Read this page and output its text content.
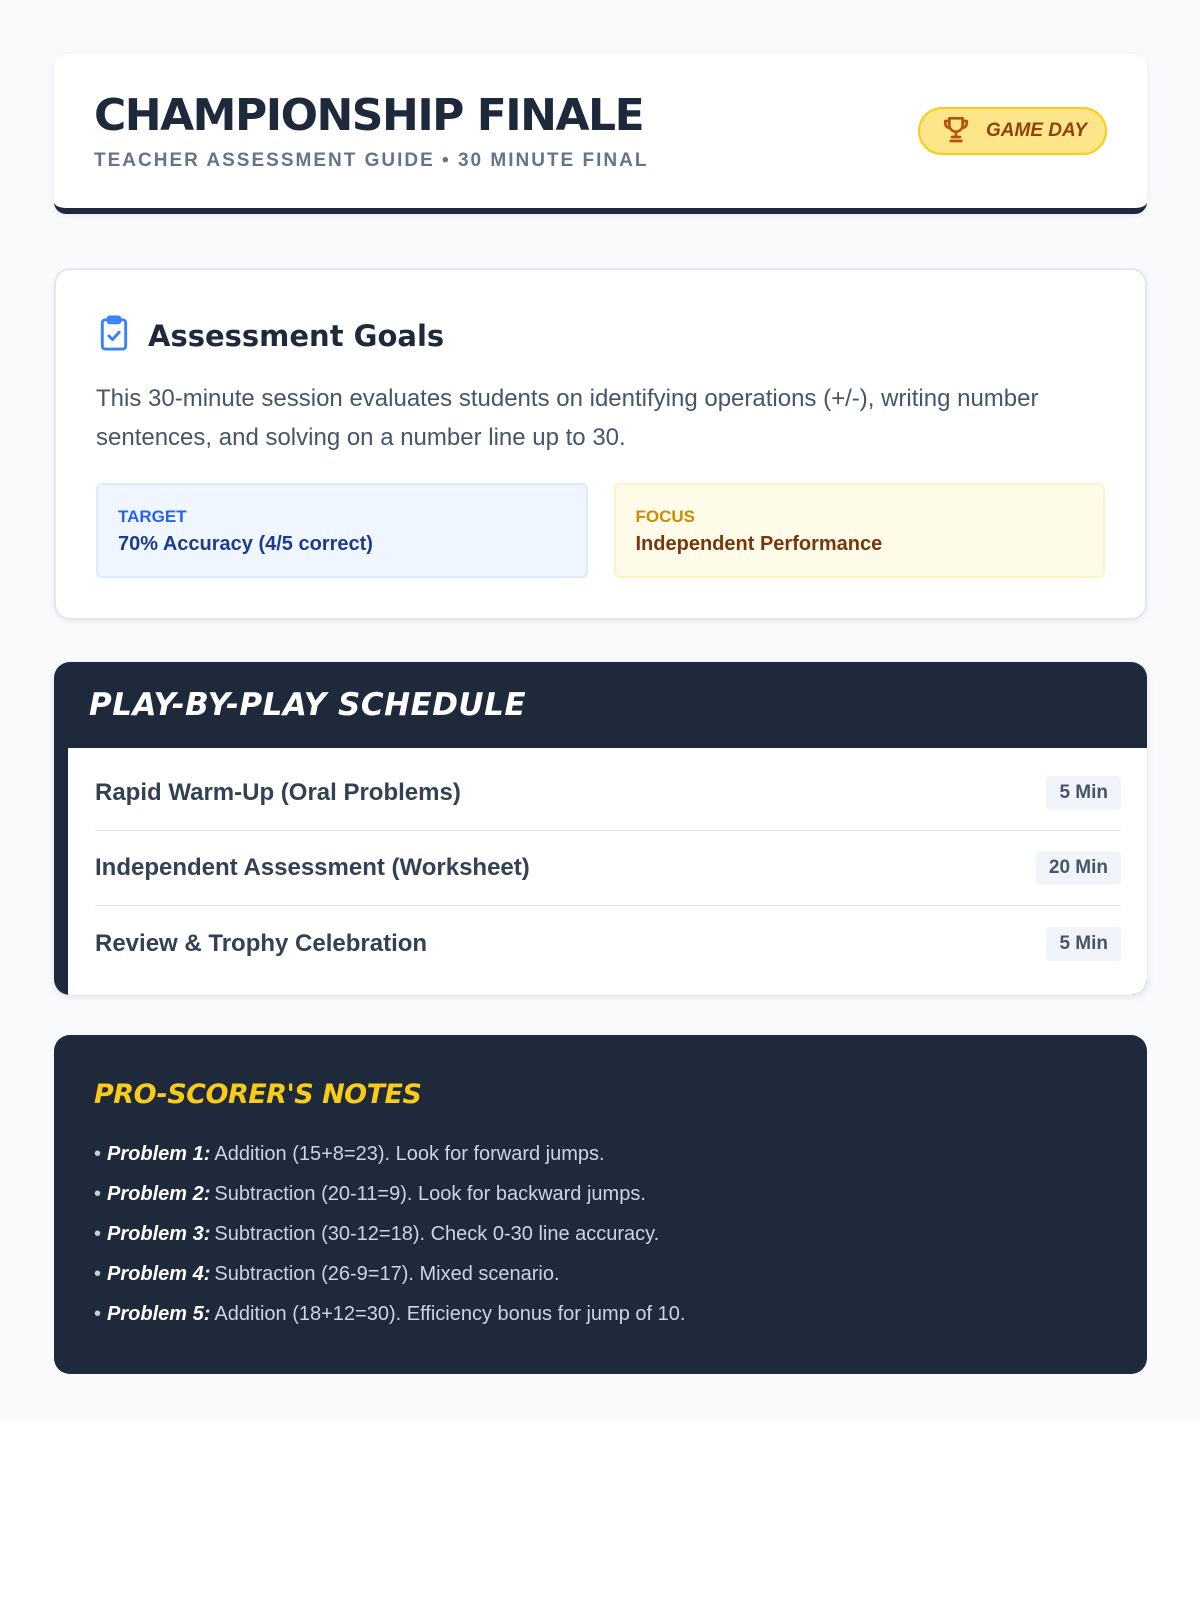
CHAMPIONSHIP FINALE
TEACHER ASSESSMENT GUIDE • 30 MINUTE FINAL
GAME DAY
Assessment Goals

This 30-minute session evaluates students on identifying operations (+/-), writing number sentences, and solving on a number line up to 30.

TARGET
70% Accuracy (4/5 correct)
FOCUS
Independent Performance
PLAY-BY-PLAY SCHEDULE
Rapid Warm-Up (Oral Problems)	5 Min
Independent Assessment (Worksheet)	20 Min
Review & Trophy Celebration	5 Min
PRO-SCORER'S NOTES
• Problem 1: Addition (15+8=23). Look for forward jumps.
• Problem 2: Subtraction (20-11=9). Look for backward jumps.
• Problem 3: Subtraction (30-12=18). Check 0-30 line accuracy.
• Problem 4: Subtraction (26-9=17). Mixed scenario.
• Problem 5: Addition (18+12=30). Efficiency bonus for jump of 10.
